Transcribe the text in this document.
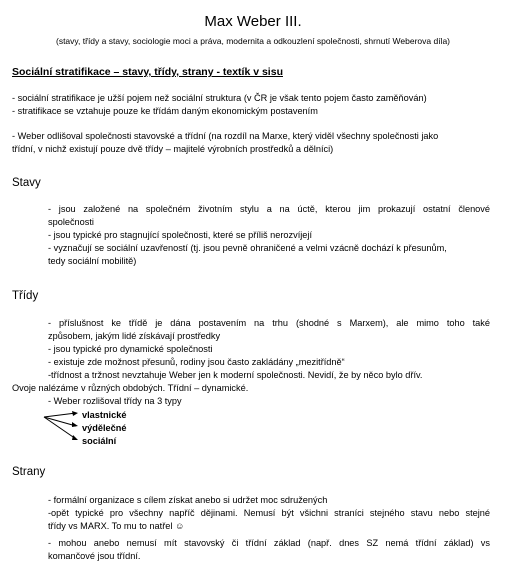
Max Weber III.
(stavy, třídy a stavy, sociologie moci a práva, modernita a odkouzlení společnosti, shrnutí Weberova díla)
Sociální stratifikace – stavy, třídy, strany - textík v sisu
- sociální stratifikace je užší pojem než sociální struktura (v ČR je však tento pojem často zaměňován)
- stratifikace se vztahuje pouze ke třídám daným ekonomickým postavením
- Weber odlišoval společnosti stavovské a třídní (na rozdíl na Marxe, který viděl všechny společnosti jako
třídní, v nichž existují pouze dvě třídy – majitelé výrobních prostředků a dělníci)
Stavy
- jsou založené na společném životním stylu a na úctě, kterou jim prokazují ostatní členové
společnosti
- jsou typické pro stagnující společnosti, které se příliš nerozvíjejí
- vyznačují se sociální uzavřeností (tj. jsou pevně ohraničené a velmi vzácně dochází k přesunům,
tedy sociální mobilitě)
Třídy
- příslušnost ke třídě je dána postavením na trhu (shodné s Marxem), ale mimo toho také
způsobem, jakým lidé získávají prostředky
- jsou typické pro dynamické společnosti
- existuje zde možnost přesunů, rodiny jsou často zakládány „mezitřídně“
-třídnost a tržnost nevztahuje Weber jen k moderní společnosti. Nevidí, že by něco bylo dřív.
Ovoje nalézáme v různých obdobých. Třídní – dynamické.
- Weber rozlišoval třídy na 3 typy
vlastnické
výdělečné
sociální
Strany
- formální organizace s cílem získat anebo si udržet moc sdružených
-opět typické pro všechny napříč dějinami. Nemusí být všichni straníci stejného stavu nebo stejné
třídy vs MARX. To mu to natřel ☺
- mohou anebo nemusí mít stavovský či třídní základ (např. dnes SZ nemá třídní základ) vs
komančové jsou třídní.
